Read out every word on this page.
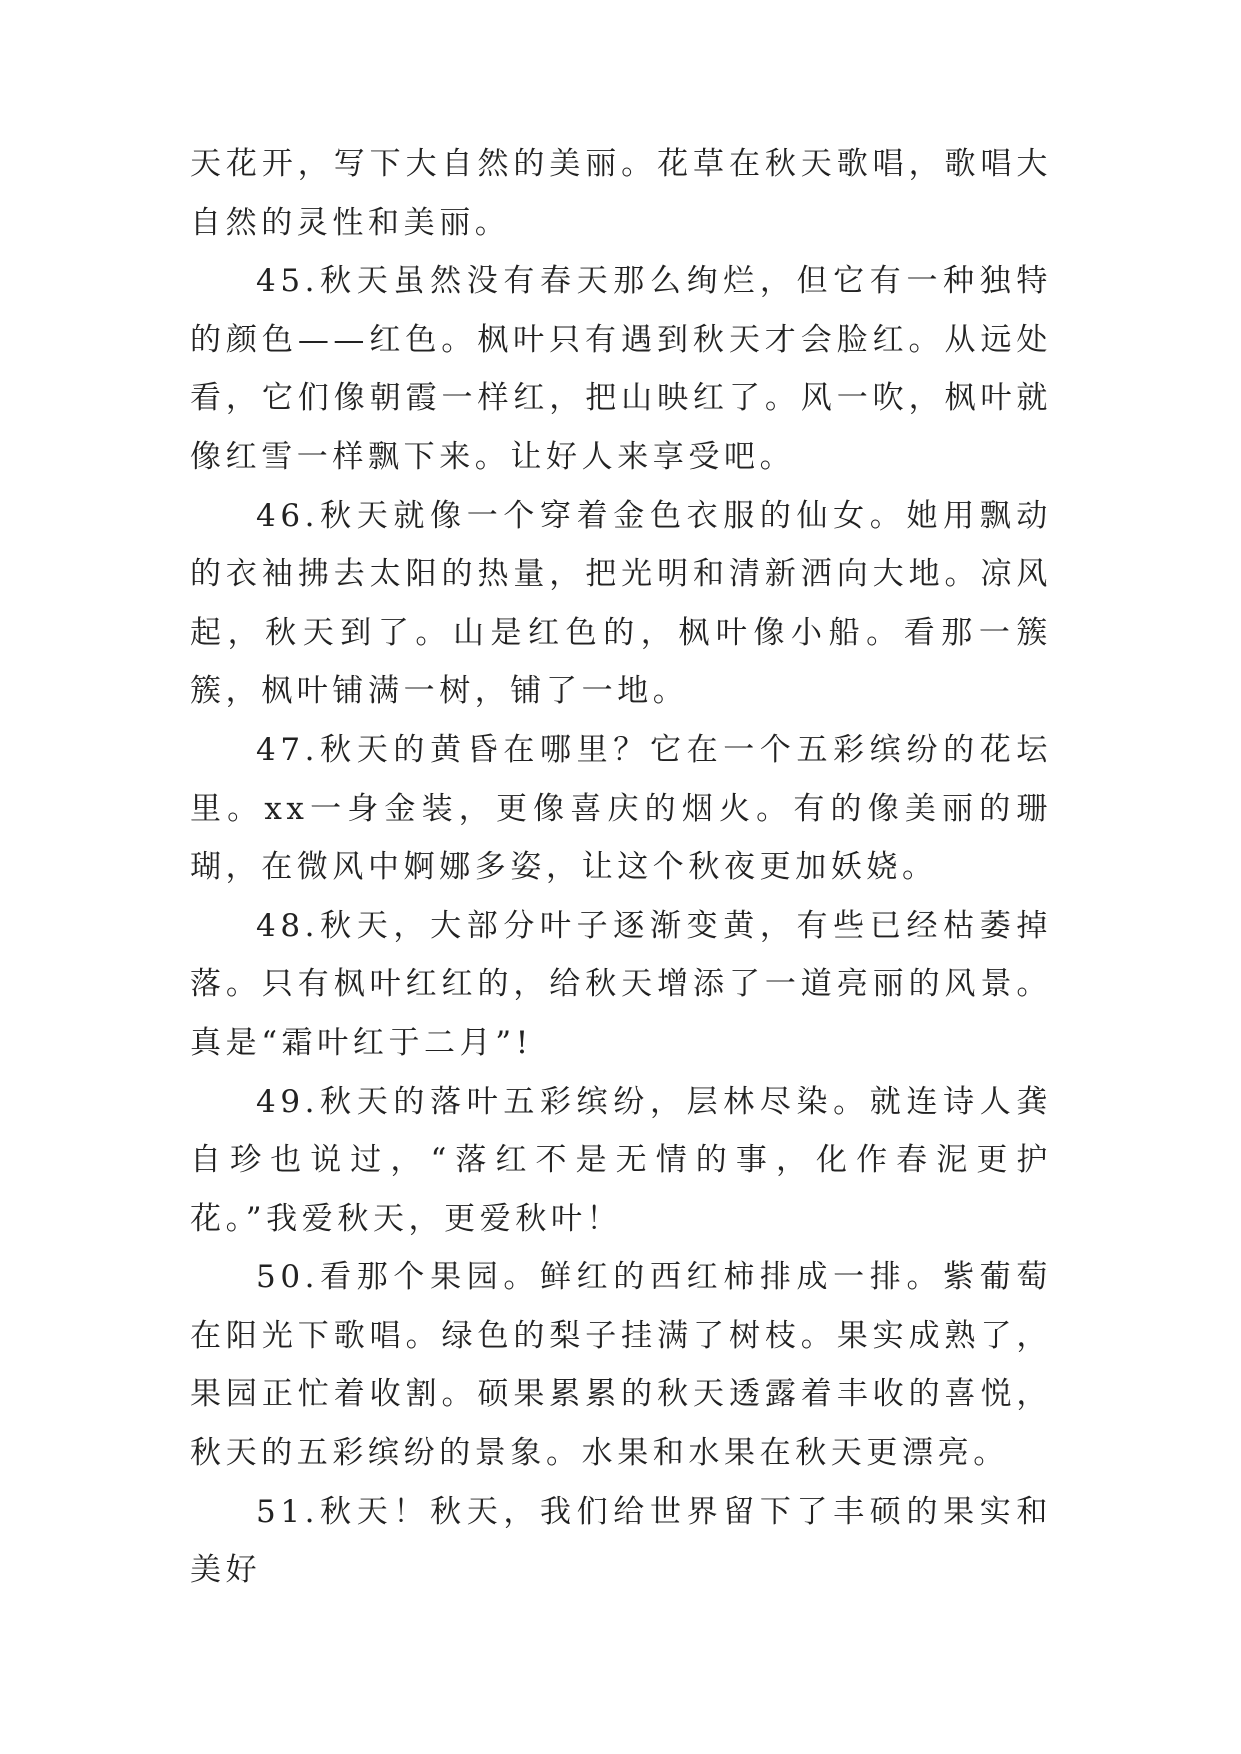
天花开，写下大自然的美丽。花草在秋天歌唱，歌唱大自然的灵性和美丽。

45.秋天虽然没有春天那么绚烂，但它有一种独特的颜色——红色。枫叶只有遇到秋天才会脸红。从远处看，它们像朝霞一样红，把山映红了。风一吹，枫叶就像红雪一样飘下来。让好人来享受吧。

46.秋天就像一个穿着金色衣服的仙女。她用飘动的衣袖拂去太阳的热量，把光明和清新洒向大地。凉风起，秋天到了。山是红色的，枫叶像小船。看那一簇簇，枫叶铺满一树，铺了一地。

47.秋天的黄昏在哪里？它在一个五彩缤纷的花坛里。xx一身金装，更像喜庆的烟火。有的像美丽的珊瑚，在微风中婀娜多姿，让这个秋夜更加妖娆。

48.秋天，大部分叶子逐渐变黄，有些已经枯萎掉落。只有枫叶红红的，给秋天增添了一道亮丽的风景。真是“霜叶红于二月”!

49.秋天的落叶五彩缤纷，层林尽染。就连诗人龚自珍也说过，“落红不是无情的事，化作春泥更护花。”我爱秋天，更爱秋叶！

50.看那个果园。鲜红的西红柿排成一排。紫葡萄在阳光下歌唱。绿色的梨子挂满了树枝。果实成熟了，果园正忙着收割。硕果累累的秋天透露着丰收的喜悦，秋天的五彩缤纷的景象。水果和水果在秋天更漂亮。

51.秋天！秋天，我们给世界留下了丰硕的果实和美好
